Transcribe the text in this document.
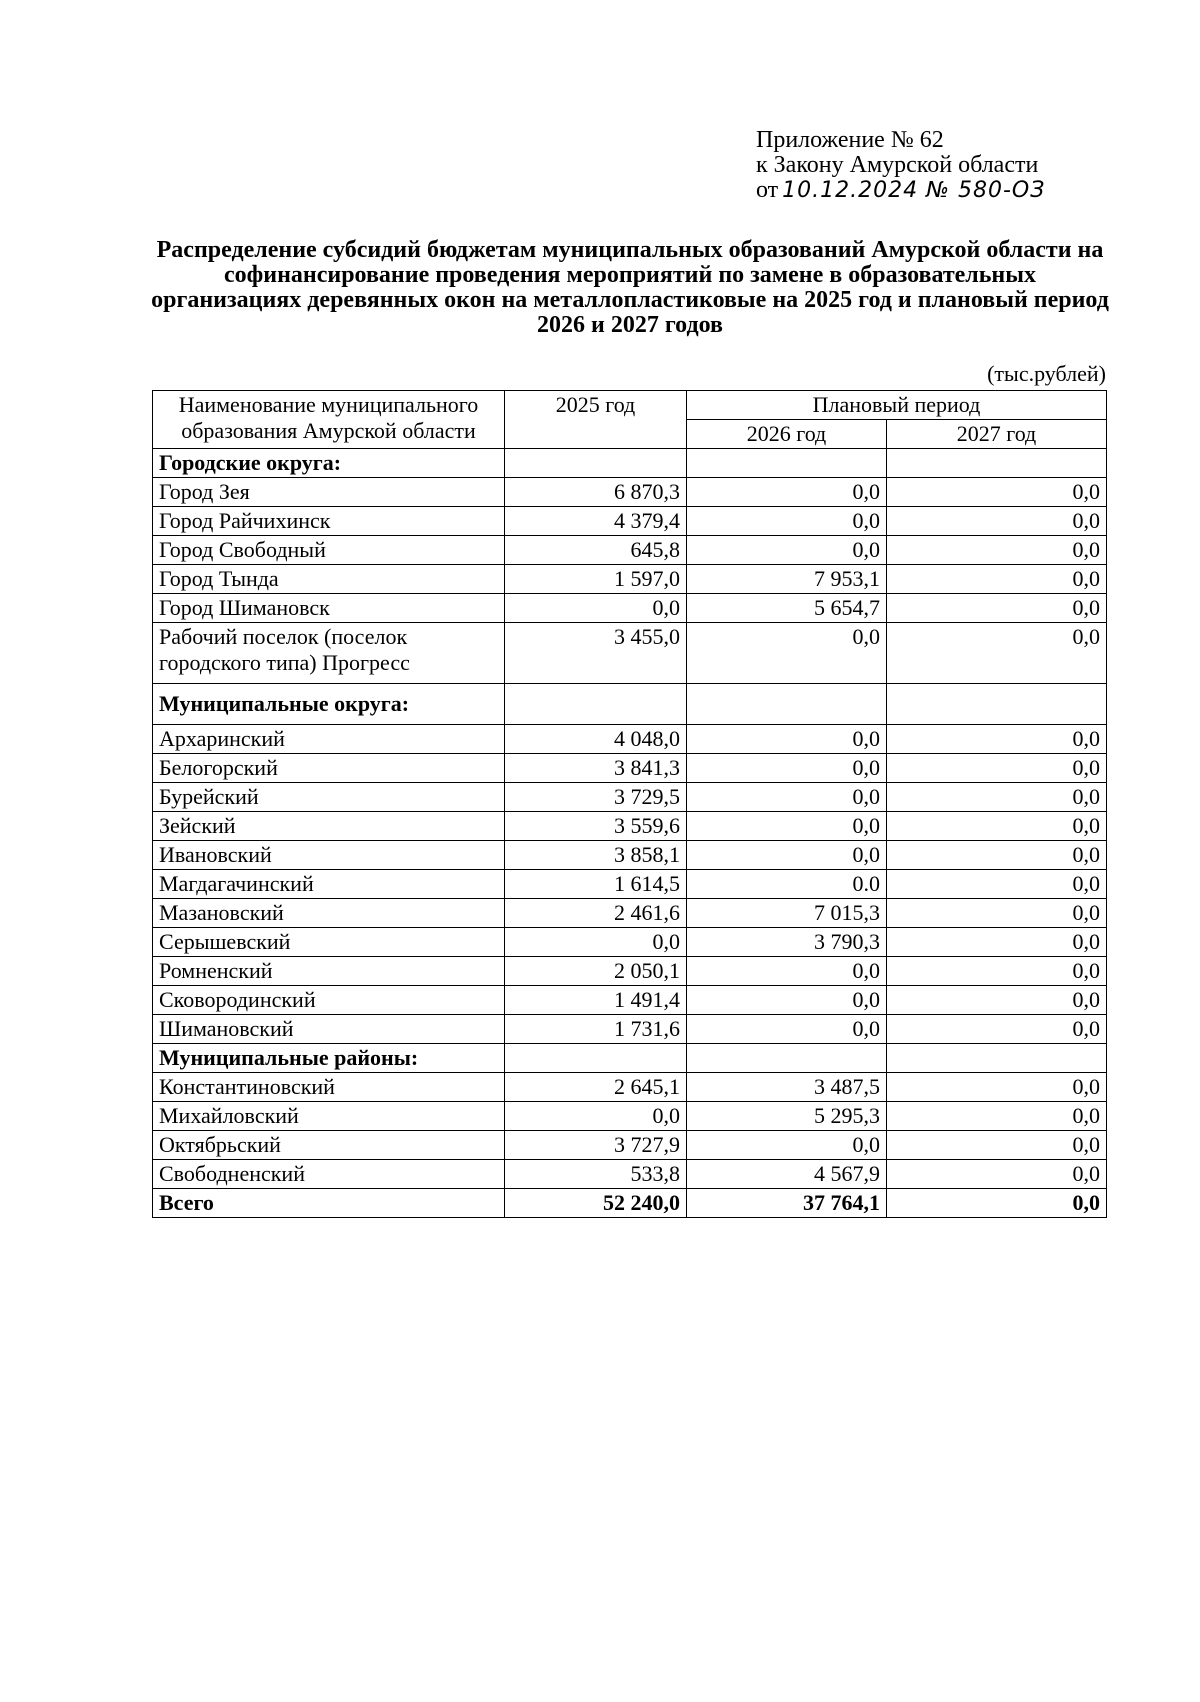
Приложение № 62
к Закону Амурской области
от 10.12.2024 № 580-ОЗ
Распределение субсидий бюджетам муниципальных образований Амурской области на софинансирование проведения мероприятий по замене в образовательных организациях деревянных окон на металлопластиковые на 2025 год и плановый период 2026 и 2027 годов
(тыс.рублей)
Наименование муниципального образования Амурской области	2025 год	Плановый период	
		2026 год	2027 год
Городские округа:			
Город Зея	6 870,3	0,0	0,0
Город Райчихинск	4 379,4	0,0	0,0
Город Свободный	645,8	0,0	0,0
Город Тында	1 597,0	7 953,1	0,0
Город Шимановск	0,0	5 654,7	0,0
Рабочий поселок (поселок городского типа) Прогресс	3 455,0	0,0	0,0
Муниципальные округа:			
Архаринский	4 048,0	0,0	0,0
Белогорский	3 841,3	0,0	0,0
Бурейский	3 729,5	0,0	0,0
Зейский	3 559,6	0,0	0,0
Ивановский	3 858,1	0,0	0,0
Магдагачинский	1 614,5	0.0	0,0
Мазановский	2 461,6	7 015,3	0,0
Серышевский	0,0	3 790,3	0,0
Ромненский	2 050,1	0,0	0,0
Сковородинский	1 491,4	0,0	0,0
Шимановский	1 731,6	0,0	0,0
Муниципальные районы:			
Константиновский	2 645,1	3 487,5	0,0
Михайловский	0,0	5 295,3	0,0
Октябрьский	3 727,9	0,0	0,0
Свободненский	533,8	4 567,9	0,0
Всего	52 240,0	37 764,1	0,0
